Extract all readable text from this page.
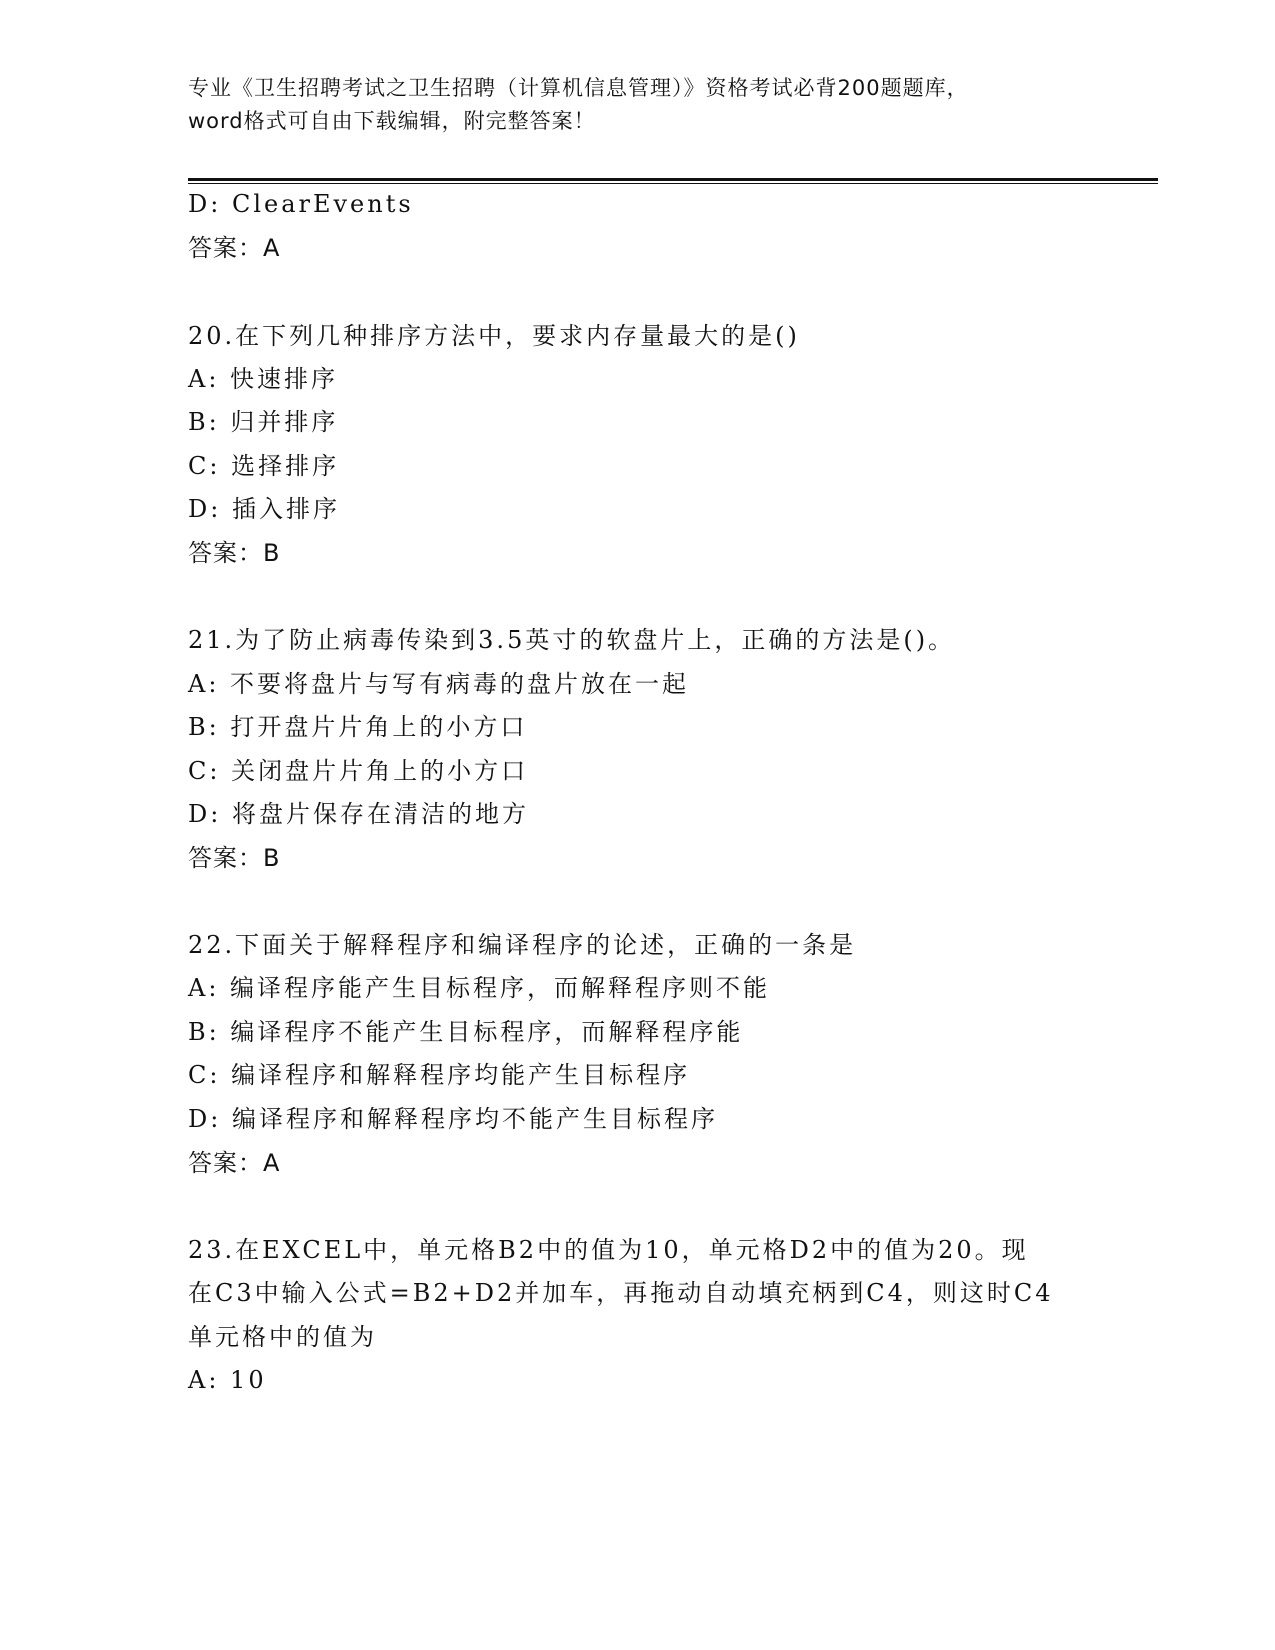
专业《卫生招聘考试之卫生招聘（计算机信息管理）》资格考试必背200题题库，
word格式可自由下载编辑，附完整答案！
D: ClearEvents
答案：A
20.在下列几种排序方法中，要求内存量最大的是()
A: 快速排序
B: 归并排序
C: 选择排序
D: 插入排序
答案：B
21.为了防止病毒传染到3.5英寸的软盘片上，正确的方法是()。
A: 不要将盘片与写有病毒的盘片放在一起
B: 打开盘片片角上的小方口
C: 关闭盘片片角上的小方口
D: 将盘片保存在清洁的地方
答案：B
22.下面关于解释程序和编译程序的论述，正确的一条是
A: 编译程序能产生目标程序，而解释程序则不能
B: 编译程序不能产生目标程序，而解释程序能
C: 编译程序和解释程序均能产生目标程序
D: 编译程序和解释程序均不能产生目标程序
答案：A
23.在EXCEL中，单元格B2中的值为10，单元格D2中的值为20。现
在C3中输入公式=B2+D2并加车，再拖动自动填充柄到C4，则这时C4
单元格中的值为
A: 10
